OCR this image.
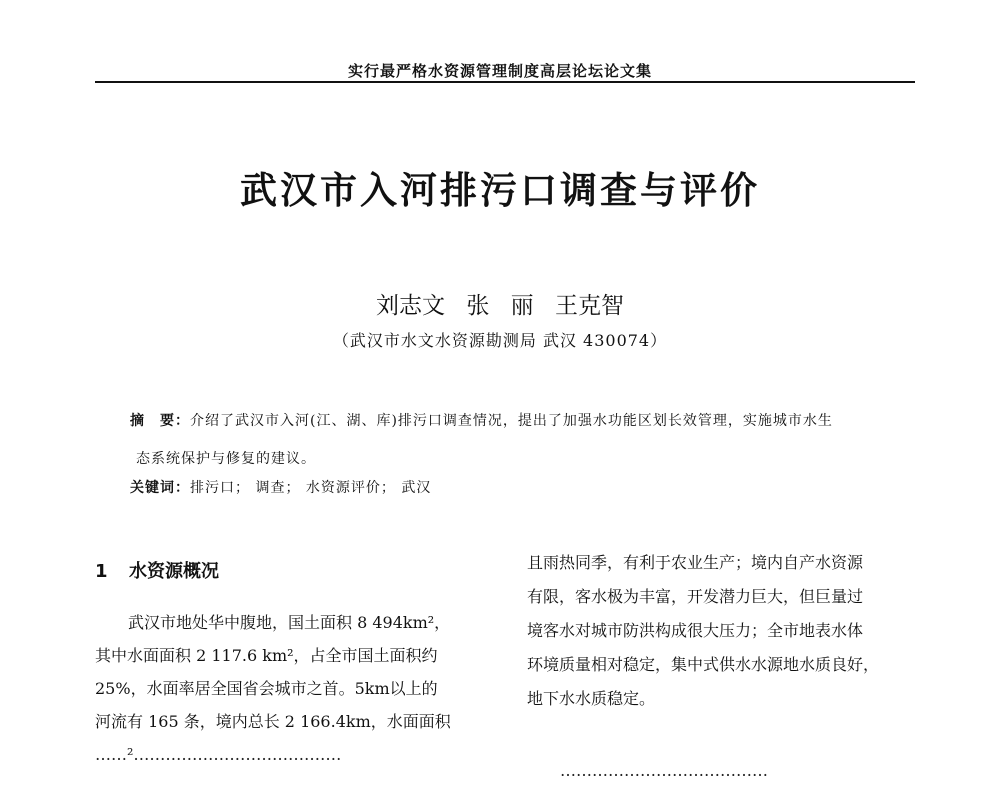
实行最严格水资源管理制度高层论坛论文集
武汉市入河排污口调查与评价
刘志文 张 丽 王克智
（武汉市水文水资源勘测局 武汉 430074）
摘　要：介绍了武汉市入河(江、湖、库)排污口调查情况，提出了加强水功能区划长效管理，实施城市水生
态系统保护与修复的建议。
关键词：排污口； 调查； 水资源评价； 武汉
1 水资源概况
武汉市地处华中腹地，国土面积 8 494km²，
其中水面面积 2 117.6 km²，占全市国土面积约
25%，水面率居全国省会城市之首。5km以上的
河流有 165 条，境内总长 2 166.4km，水面面积
……²…………………………………
且雨热同季，有利于农业生产；境内自产水资源
有限，客水极为丰富，开发潜力巨大，但巨量过
境客水对城市防洪构成很大压力；全市地表水体
环境质量相对稳定，集中式供水水源地水质良好，
地下水水质稳定。
…………………………………
